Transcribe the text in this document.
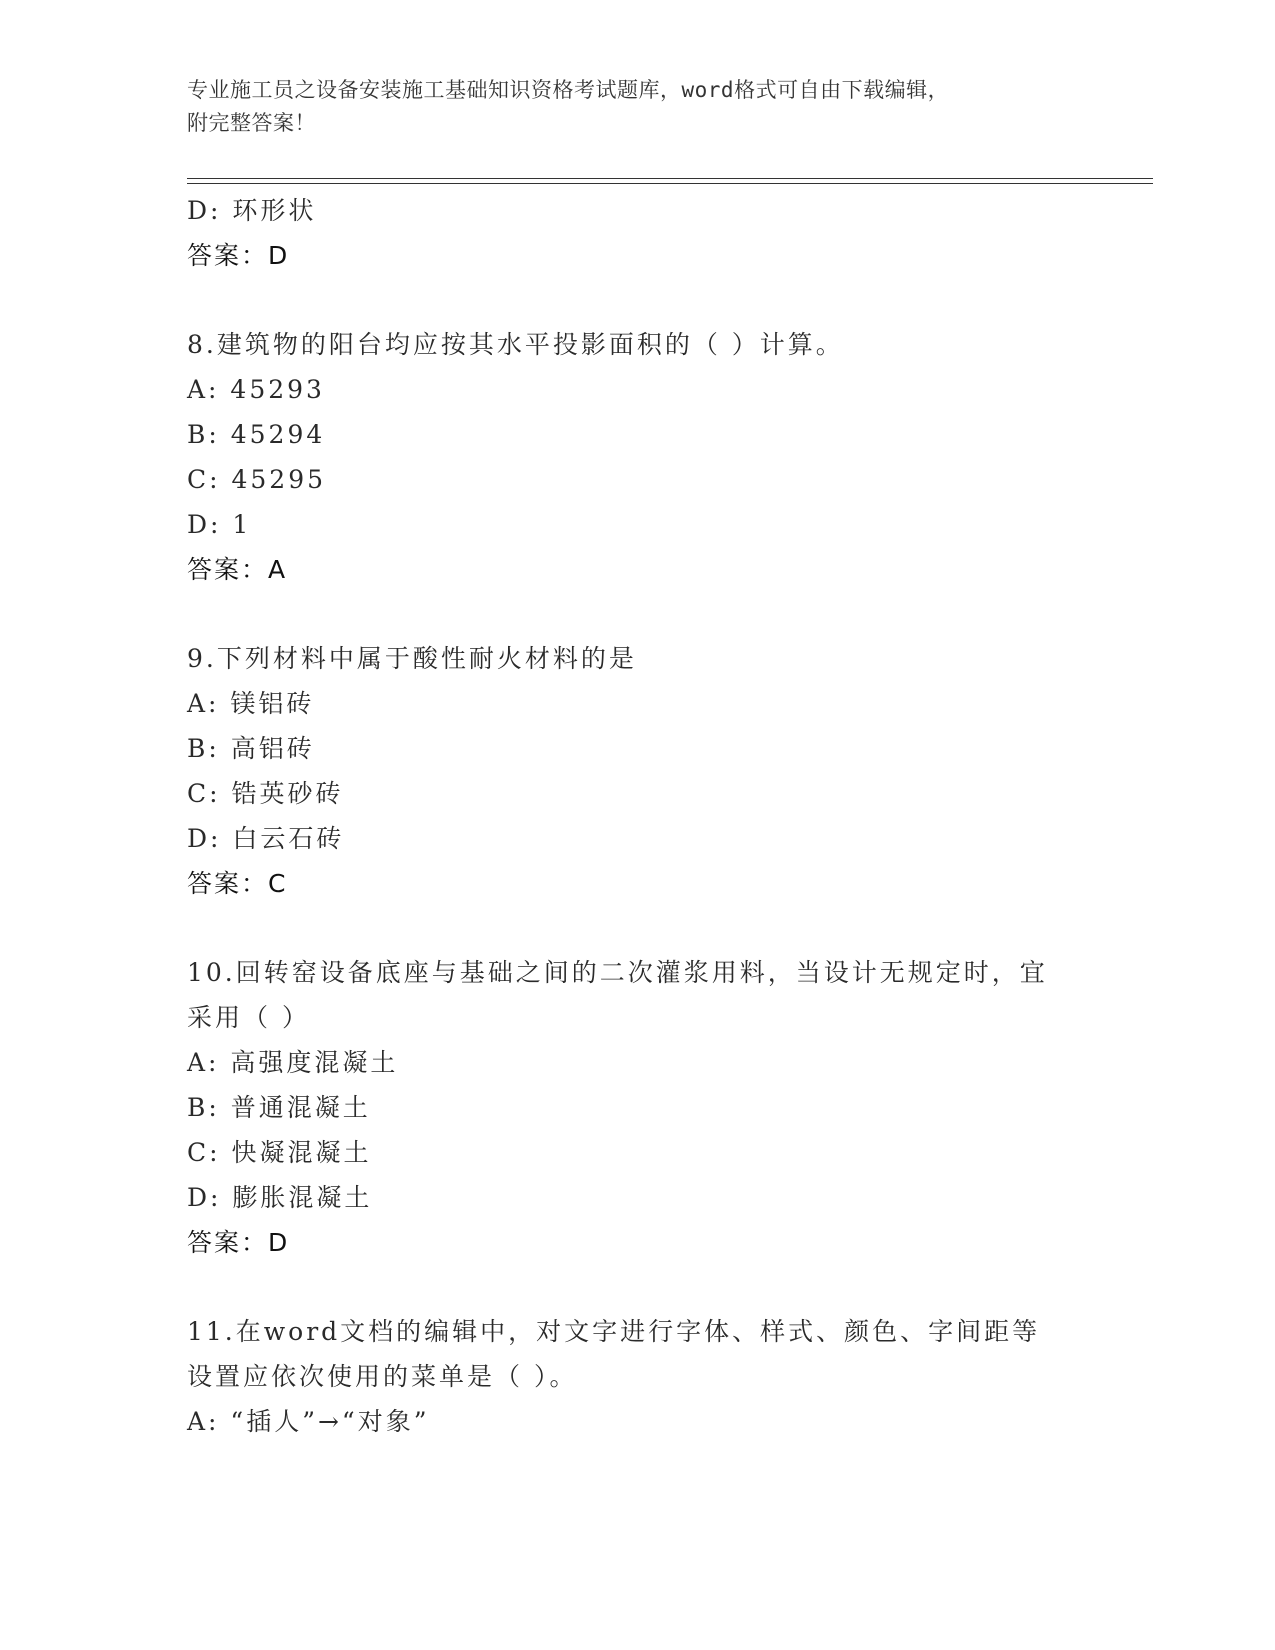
专业施工员之设备安装施工基础知识资格考试题库，word格式可自由下载编辑，
附完整答案！
D: 环形状
答案：D
8.建筑物的阳台均应按其水平投影面积的（ ）计算。
A: 45293
B: 45294
C: 45295
D: 1
答案：A
9.下列材料中属于酸性耐火材料的是
A: 镁铝砖
B: 高铝砖
C: 锆英砂砖
D: 白云石砖
答案：C
10.回转窑设备底座与基础之间的二次灌浆用料，当设计无规定时，宜
采用（ ）
A: 高强度混凝土
B: 普通混凝土
C: 快凝混凝土
D: 膨胀混凝土
答案：D
11.在word文档的编辑中，对文字进行字体、样式、颜色、字间距等
设置应依次使用的菜单是（ ）。
A: “插人”→“对象”
